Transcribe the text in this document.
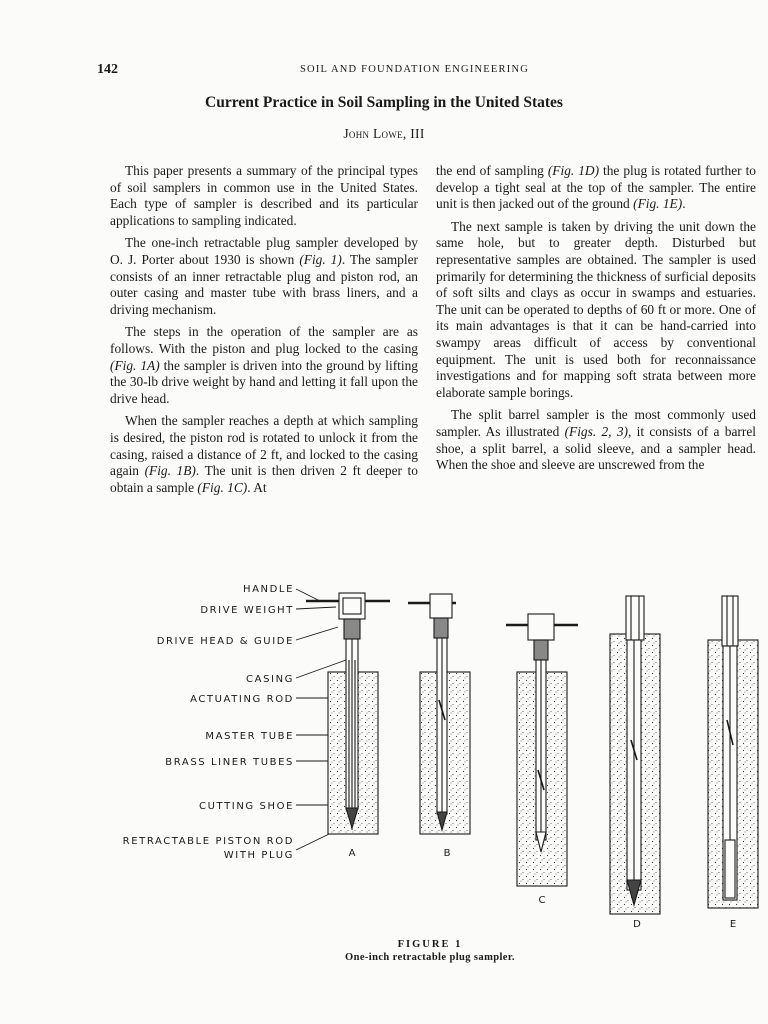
142	SOIL AND FOUNDATION ENGINEERING
Current Practice in Soil Sampling in the United States
John Lowe, III

This paper presents a summary of the principal types of soil samplers in common use in the United States. Each type of sampler is described and its particular applications to sampling indicated.

The one-inch retractable plug sampler developed by O. J. Porter about 1930 is shown (Fig. 1). The sampler consists of an inner retractable plug and piston rod, an outer casing and master tube with brass liners, and a driving mechanism.

The steps in the operation of the sampler are as follows. With the piston and plug locked to the casing (Fig. 1A) the sampler is driven into the ground by lifting the 30-lb drive weight by hand and letting it fall upon the drive head.

When the sampler reaches a depth at which sampling is desired, the piston rod is rotated to unlock it from the casing, raised a distance of 2 ft, and locked to the casing again (Fig. 1B). The unit is then driven 2 ft deeper to obtain a sample (Fig. 1C). At

the end of sampling (Fig. 1D) the plug is rotated further to develop a tight seal at the top of the sampler. The entire unit is then jacked out of the ground (Fig. 1E).

The next sample is taken by driving the unit down the same hole, but to greater depth. Disturbed but representative samples are obtained. The sampler is used primarily for determining the thickness of surficial deposits of soft silts and clays as occur in swamps and estuaries. The unit can be operated to depths of 60 ft or more. One of its main advantages is that it can be hand-carried into swampy areas difficult of access by conventional equipment. The unit is used both for reconnaissance investigations and for mapping soft strata between more elaborate sample borings.

The split barrel sampler is the most commonly used sampler. As illustrated (Figs. 2, 3), it consists of a barrel shoe, a split barrel, a solid sleeve, and a sampler head. When the shoe and sleeve are unscrewed from the

HANDLE
DRIVE WEIGHT
DRIVE HEAD & GUIDE
CASING
ACTUATING ROD
MASTER TUBE
BRASS LINER TUBES
CUTTING SHOE
RETRACTABLE PISTON ROD
WITH PLUG	A	B
C
D	E
FIGURE 1
One-inch retractable plug sampler.
